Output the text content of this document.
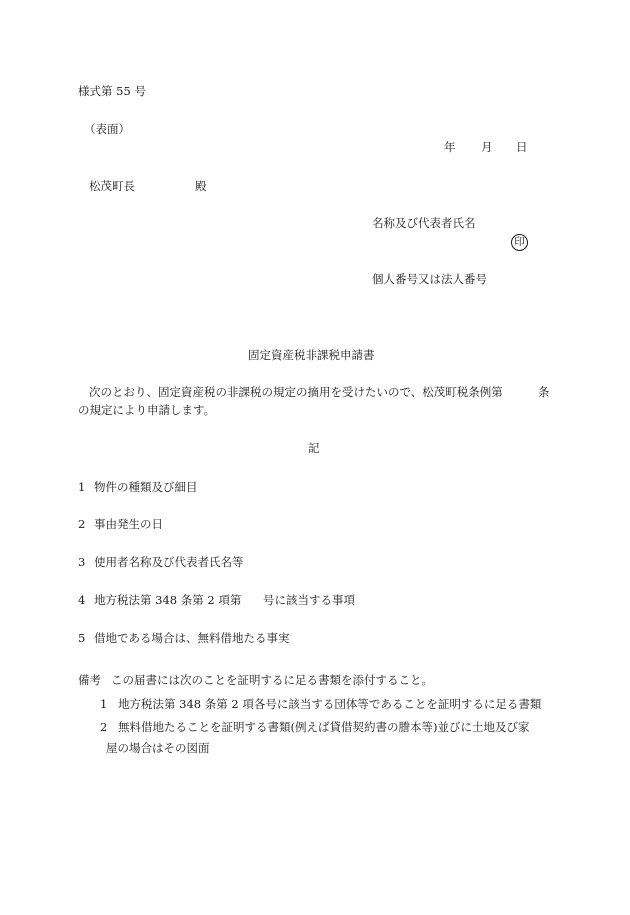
様式第 55 号
（表面）
年 月 日
松茂町長	殿
名称及び代表者氏名
印
個人番号又は法人番号
固定資産税非課税申請書
次のとおり、固定資産税の非課税の規定の摘用を受けたいので、松茂町税条例第	条
の規定により申請します。
記
1 物件の種類及び細目
2 事由発生の日
3 使用者名称及び代表者氏名等
4 地方税法第 348 条第 2 項第 号に該当する事項
5 借地である場合は、無料借地たる事実
備考 この届書には次のことを証明するに足る書類を添付すること。
1 地方税法第 348 条第 2 項各号に該当する団体等であることを証明するに足る書類
2 無料借地たることを証明する書類(例えば貸借契約書の謄本等)並びに土地及び家
屋の場合はその図面
